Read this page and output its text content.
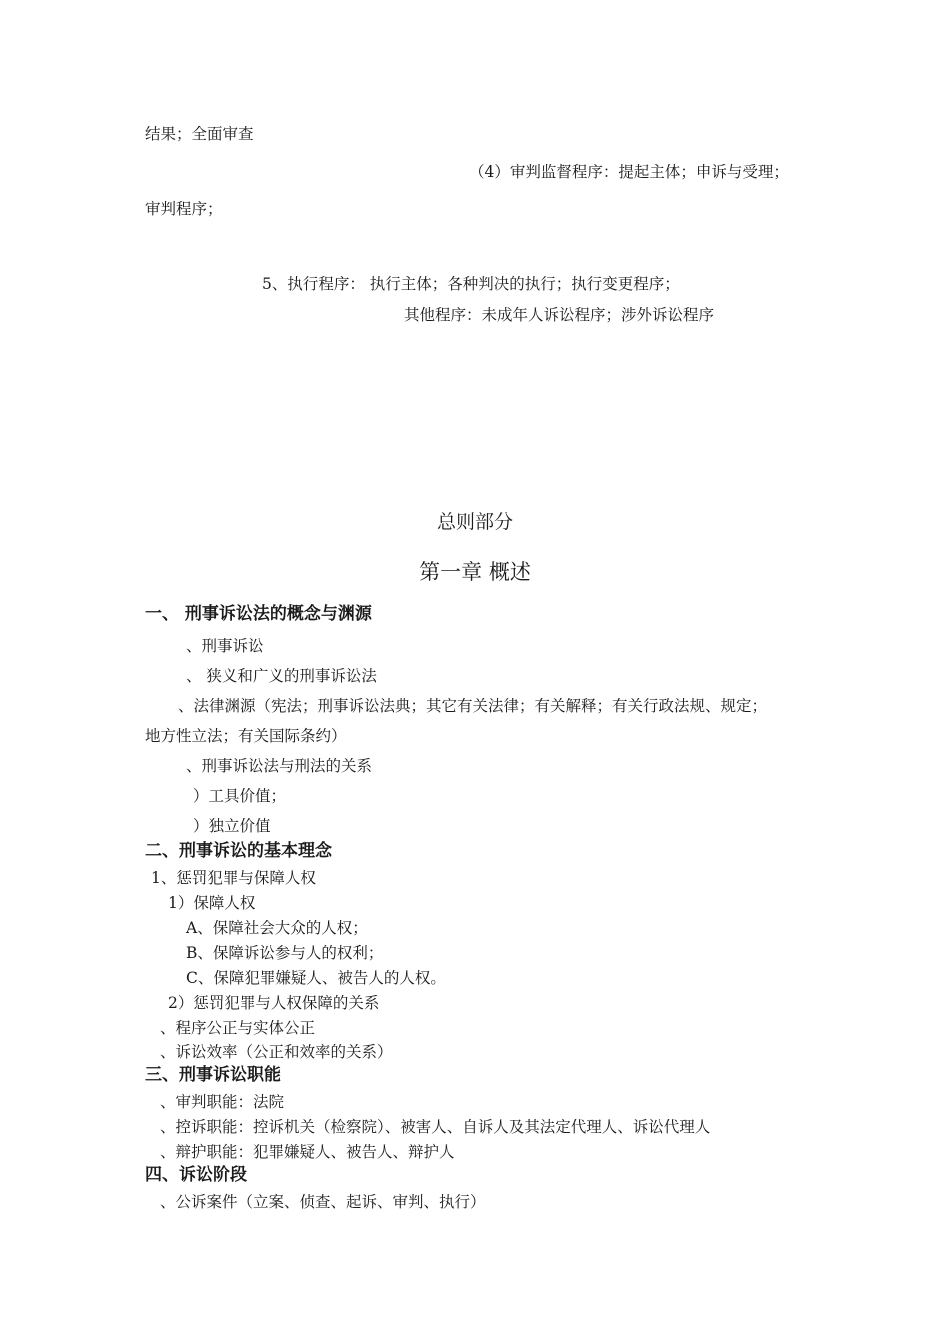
结果；全面审查
（4）审判监督程序：提起主体；申诉与受理；
审判程序；
5、执行程序： 执行主体；各种判决的执行；执行变更程序；
其他程序：未成年人诉讼程序；涉外诉讼程序
总则部分
第一章 概述
一、 刑事诉讼法的概念与渊源
、刑事诉讼
、 狭义和广义的刑事诉讼法
、法律渊源（宪法；刑事诉讼法典；其它有关法律；有关解释；有关行政法规、规定；
地方性立法；有关国际条约）
、刑事诉讼法与刑法的关系
）工具价值；
）独立价值
二、刑事诉讼的基本理念
1、惩罚犯罪与保障人权
1）保障人权
A、保障社会大众的人权；
B、保障诉讼参与人的权利；
C、保障犯罪嫌疑人、被告人的人权。
2）惩罚犯罪与人权保障的关系
、程序公正与实体公正
、诉讼效率（公正和效率的关系）
三、刑事诉讼职能
、审判职能：法院
、控诉职能：控诉机关（检察院）、被害人、自诉人及其法定代理人、诉讼代理人
、辩护职能：犯罪嫌疑人、被告人、辩护人
四、诉讼阶段
、公诉案件（立案、侦查、起诉、审判、执行）
